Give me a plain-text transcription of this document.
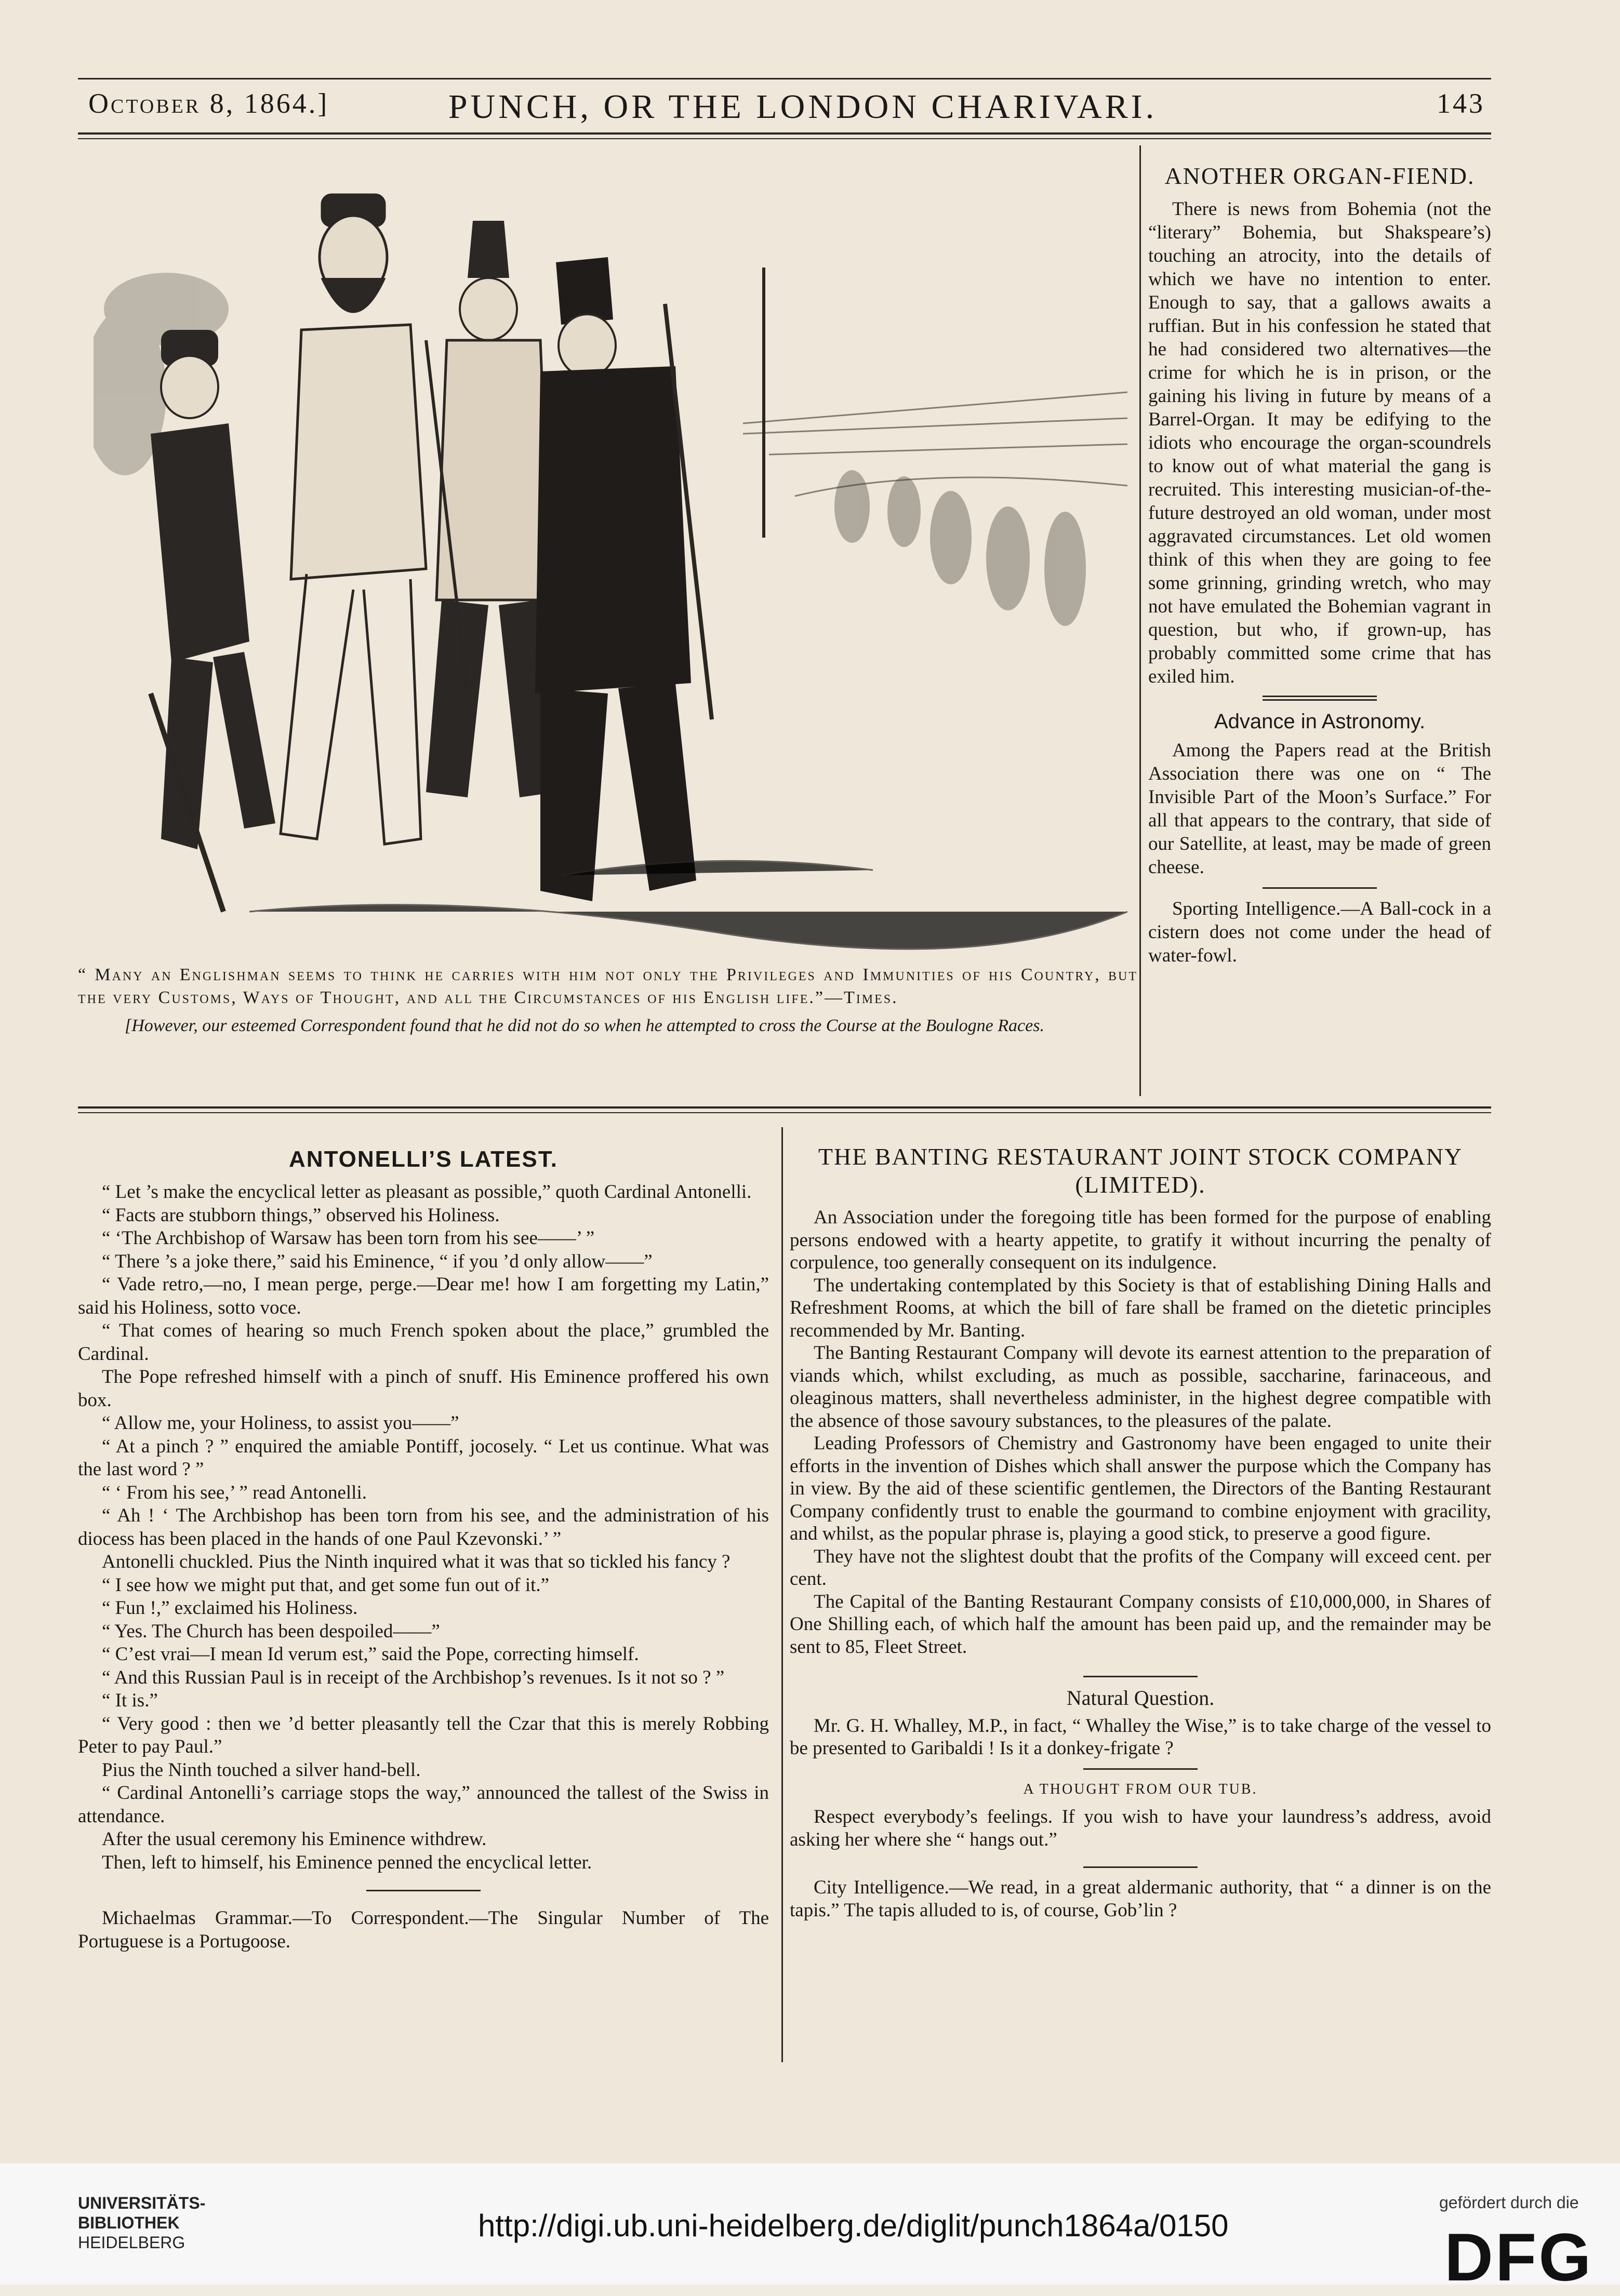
October 8, 1864.]	PUNCH, OR THE LONDON CHARIVARI.	143
“ Many an Englishman seems to think he carries with him not only the Privileges and Immunities of his Country, but the very Customs, Ways of Thought, and all the Circumstances of his English life.”—Times.
[However, our esteemed Correspondent found that he did not do so when he attempted to cross the Course at the Boulogne Races.
ANOTHER ORGAN-FIEND.

There is news from Bohemia (not the “literary” Bohemia, but Shakspeare’s) touching an atrocity, into the details of which we have no intention to enter. Enough to say, that a gallows awaits a ruffian. But in his confession he stated that he had considered two alternatives—the crime for which he is in prison, or the gaining his living in future by means of a Barrel-Organ. It may be edifying to the idiots who encourage the organ-scoundrels to know out of what material the gang is recruited. This interesting musician-of-the-future destroyed an old woman, under most aggravated circumstances. Let old women think of this when they are going to fee some grinning, grinding wretch, who may not have emulated the Bohemian vagrant in question, but who, if grown-up, has probably committed some crime that has exiled him.

Advance in Astronomy.

Among the Papers read at the British Association there was one on “ The Invisible Part of the Moon’s Surface.” For all that appears to the contrary, that side of our Satellite, at least, may be made of green cheese.

Sporting Intelligence.—A Ball-cock in a cistern does not come under the head of water-fowl.

ANTONELLI’S LATEST.

“ Let ’s make the encyclical letter as pleasant as possible,” quoth Cardinal Antonelli.

“ Facts are stubborn things,” observed his Holiness.

“ ‘The Archbishop of Warsaw has been torn from his see——’ ”

“ There ’s a joke there,” said his Eminence, “ if you ’d only allow——”

“ Vade retro,—no, I mean perge, perge.—Dear me! how I am forgetting my Latin,” said his Holiness, sotto voce.

“ That comes of hearing so much French spoken about the place,” grumbled the Cardinal.

The Pope refreshed himself with a pinch of snuff. His Eminence proffered his own box.

“ Allow me, your Holiness, to assist you——”

“ At a pinch ? ” enquired the amiable Pontiff, jocosely. “ Let us continue. What was the last word ? ”

“ ‘ From his see,’ ” read Antonelli.

“ Ah ! ‘ The Archbishop has been torn from his see, and the administration of his diocess has been placed in the hands of one Paul Kzevonski.’ ”

Antonelli chuckled. Pius the Ninth inquired what it was that so tickled his fancy ?

“ I see how we might put that, and get some fun out of it.”

“ Fun !,” exclaimed his Holiness.

“ Yes. The Church has been despoiled——”

“ C’est vrai—I mean Id verum est,” said the Pope, correcting himself.

“ And this Russian Paul is in receipt of the Archbishop’s revenues. Is it not so ? ”

“ It is.”

“ Very good : then we ’d better pleasantly tell the Czar that this is merely Robbing Peter to pay Paul.”

Pius the Ninth touched a silver hand-bell.

“ Cardinal Antonelli’s carriage stops the way,” announced the tallest of the Swiss in attendance.

After the usual ceremony his Eminence withdrew.

Then, left to himself, his Eminence penned the encyclical letter.

Michaelmas Grammar.—To Correspondent.—The Singular Number of The Portuguese is a Portugoose.

THE BANTING RESTAURANT JOINT STOCK COMPANY (LIMITED).

An Association under the foregoing title has been formed for the purpose of enabling persons endowed with a hearty appetite, to gratify it without incurring the penalty of corpulence, too generally consequent on its indulgence.

The undertaking contemplated by this Society is that of establishing Dining Halls and Refreshment Rooms, at which the bill of fare shall be framed on the dietetic principles recommended by Mr. Banting.

The Banting Restaurant Company will devote its earnest attention to the preparation of viands which, whilst excluding, as much as possible, saccharine, farinaceous, and oleaginous matters, shall nevertheless administer, in the highest degree compatible with the absence of those savoury substances, to the pleasures of the palate.

Leading Professors of Chemistry and Gastronomy have been engaged to unite their efforts in the invention of Dishes which shall answer the purpose which the Company has in view. By the aid of these scientific gentlemen, the Directors of the Banting Restaurant Company confidently trust to enable the gourmand to combine enjoyment with gracility, and whilst, as the popular phrase is, playing a good stick, to preserve a good figure.

They have not the slightest doubt that the profits of the Company will exceed cent. per cent.

The Capital of the Banting Restaurant Company consists of £10,000,000, in Shares of One Shilling each, of which half the amount has been paid up, and the remainder may be sent to 85, Fleet Street.

Natural Question.

Mr. G. H. Whalley, M.P., in fact, “ Whalley the Wise,” is to take charge of the vessel to be presented to Garibaldi ! Is it a donkey-frigate ?

A THOUGHT FROM OUR TUB.

Respect everybody’s feelings. If you wish to have your laundress’s address, avoid asking her where she “ hangs out.”

City Intelligence.—We read, in a great aldermanic authority, that “ a dinner is on the tapis.” The tapis alluded to is, of course, Gob’lin ?

UNIVERSITÄTS-
BIBLIOTHEK
HEIDELBERG	http://digi.ub.uni-heidelberg.de/diglit/punch1864a/0150
gefördert durch die
DFG
